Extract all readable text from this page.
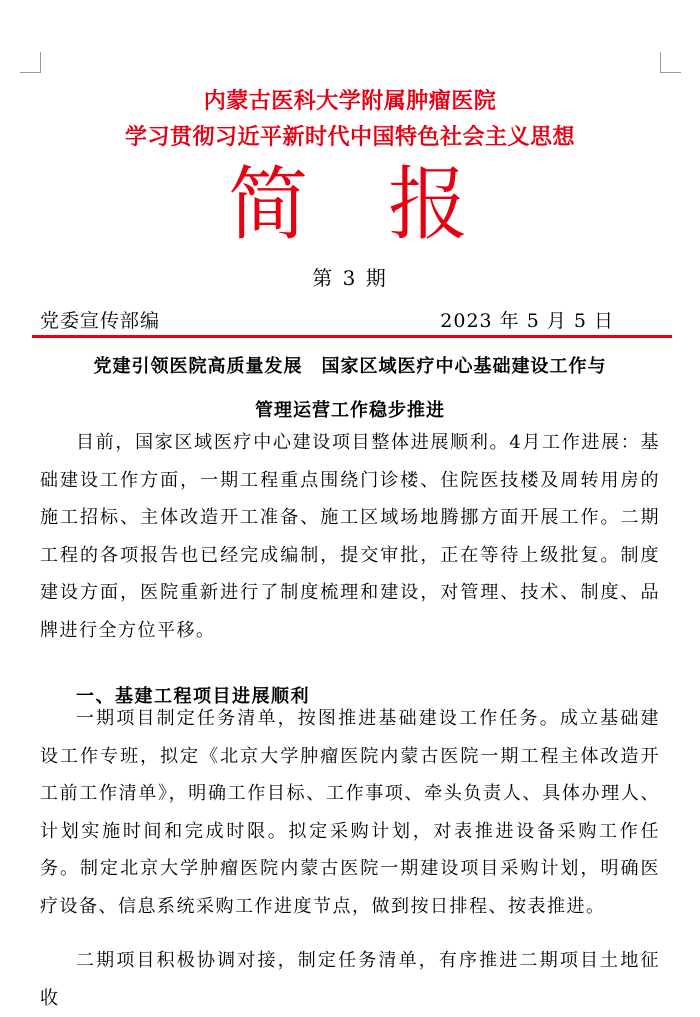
内蒙古医科大学附属肿瘤医院
学习贯彻习近平新时代中国特色社会主义思想
简 报
第 3 期
党委宣传部编	2023 年 5 月 5 日
党建引领医院高质量发展　国家区域医疗中心基础建设工作与
管理运营工作稳步推进
目前，国家区域医疗中心建设项目整体进展顺利。4月工作进展：基础建设工作方面，一期工程重点围绕门诊楼、住院医技楼及周转用房的施工招标、主体改造开工准备、施工区域场地腾挪方面开展工作。二期工程的各项报告也已经完成编制，提交审批，正在等待上级批复。制度建设方面，医院重新进行了制度梳理和建设，对管理、技术、制度、品牌进行全方位平移。
一、基建工程项目进展顺利
一期项目制定任务清单，按图推进基础建设工作任务。成立基础建设工作专班，拟定《北京大学肿瘤医院内蒙古医院一期工程主体改造开工前工作清单》，明确工作目标、工作事项、牵头负责人、具体办理人、计划实施时间和完成时限。拟定采购计划，对表推进设备采购工作任务。制定北京大学肿瘤医院内蒙古医院一期建设项目采购计划，明确医疗设备、信息系统采购工作进度节点，做到按日排程、按表推进。
二期项目积极协调对接，制定任务清单，有序推进二期项目土地征收
